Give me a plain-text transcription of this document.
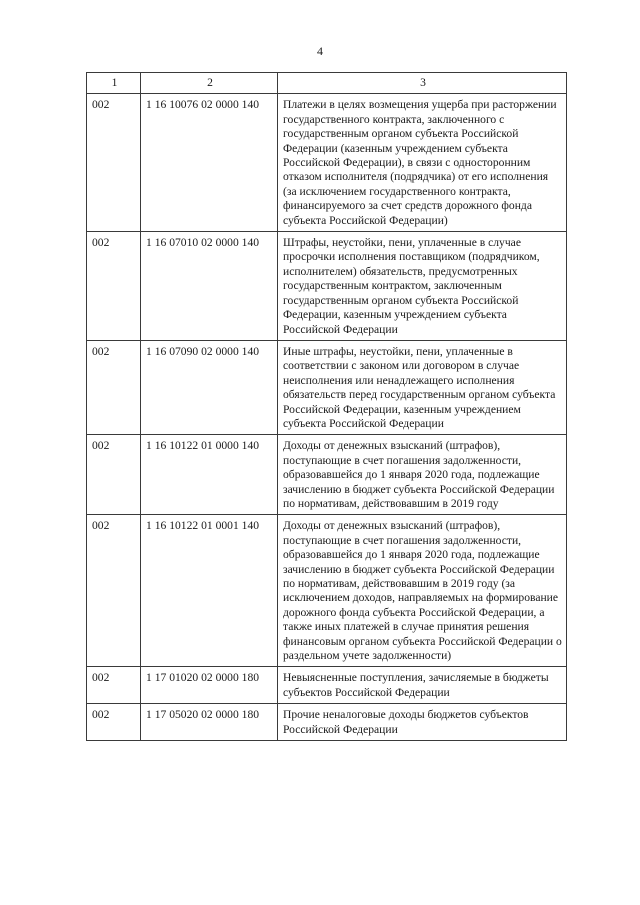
4
1	2	3
002	1 16 10076 02 0000 140	Платежи в целях возмещения ущерба при расторжении государственного контракта, заключенного с государственным органом субъекта Российской Федерации (казенным учреждением субъекта Российской Федерации), в связи с односторонним отказом исполнителя (подрядчика) от его исполнения (за исключением государственного контракта, финансируемого за счет средств дорожного фонда субъекта Российской Федерации)
002	1 16 07010 02 0000 140	Штрафы, неустойки, пени, уплаченные в случае просрочки исполнения поставщиком (подрядчиком, исполнителем) обязательств, предусмотренных государственным контрактом, заключенным государственным органом субъекта Российской Федерации, казенным учреждением субъекта Российской Федерации
002	1 16 07090 02 0000 140	Иные штрафы, неустойки, пени, уплаченные в соответствии с законом или договором в случае неисполнения или ненадлежащего исполнения обязательств перед государственным органом субъекта Российской Федерации, казенным учреждением субъекта Российской Федерации
002	1 16 10122 01 0000 140	Доходы от денежных взысканий (штрафов), поступающие в счет погашения задолженности, образовавшейся до 1 января 2020 года, подлежащие зачислению в бюджет субъекта Российской Федерации по нормативам, действовавшим в 2019 году
002	1 16 10122 01 0001 140	Доходы от денежных взысканий (штрафов), поступающие в счет погашения задолженности, образовавшейся до 1 января 2020 года, подлежащие зачислению в бюджет субъекта Российской Федерации по нормативам, действовавшим в 2019 году (за исключением доходов, направляемых на формирование дорожного фонда субъекта Российской Федерации, а также иных платежей в случае принятия решения финансовым органом субъекта Российской Федерации о раздельном учете задолженности)
002	1 17 01020 02 0000 180	Невыясненные поступления, зачисляемые в бюджеты субъектов Российской Федерации
002	1 17 05020 02 0000 180	Прочие неналоговые доходы бюджетов субъектов Российской Федерации
